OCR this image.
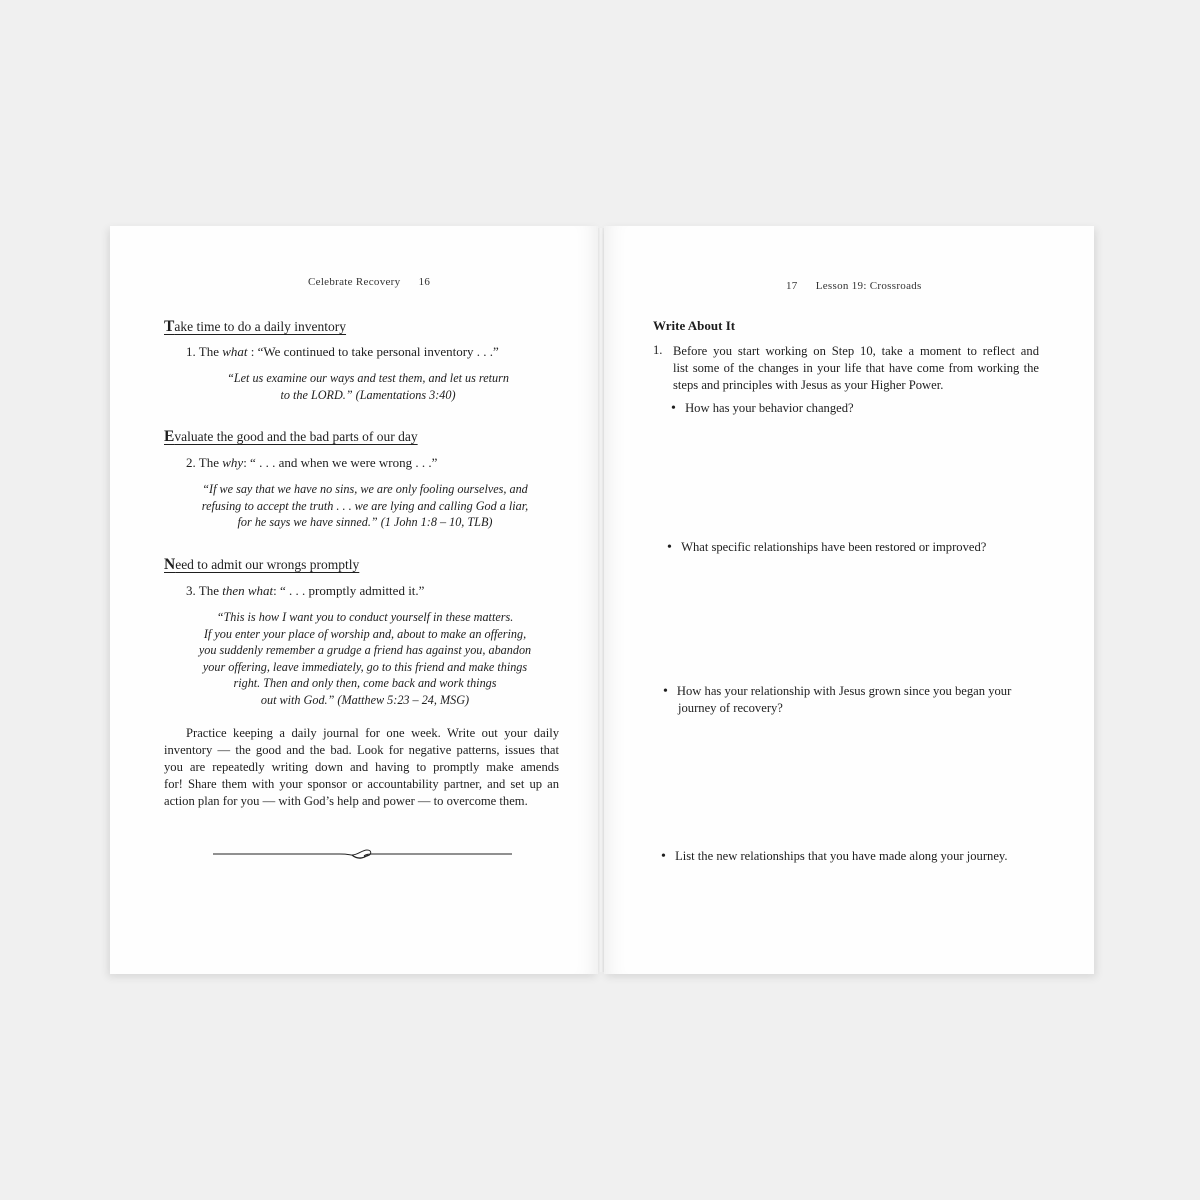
Celebrate Recovery 16
Take time to do a daily inventory
1. The what : “We continued to take personal inventory . . .”
“Let us examine our ways and test them, and let us return
to the LORD.” (Lamentations 3:40)
Evaluate the good and the bad parts of our day
2. The why: “ . . . and when we were wrong . . .”
“If we say that we have no sins, we are only fooling ourselves, and
refusing to accept the truth . . . we are lying and calling God a liar,
for he says we have sinned.” (1 John 1:8 – 10, TLB)
Need to admit our wrongs promptly
3. The then what: “ . . . promptly admitted it.”
“This is how I want you to conduct yourself in these matters.
If you enter your place of worship and, about to make an offering,
you suddenly remember a grudge a friend has against you, abandon
your offering, leave immediately, go to this friend and make things
right. Then and only then, come back and work things
out with God.” (Matthew 5:23 – 24, MSG)
Practice keeping a daily journal for one week. Write out your daily
inventory — the good and the bad. Look for negative patterns, issues that
you are repeatedly writing down and having to promptly make amends
for! Share them with your sponsor or accountability partner, and set up an
action plan for you — with God’s help and power — to overcome them.
17 Lesson 19: Crossroads
Write About It
1. Before you start working on Step 10, take a moment to reflect and
list some of the changes in your life that have come from working the
steps and principles with Jesus as your Higher Power.
• How has your behavior changed?
• What specific relationships have been restored or improved?
• How has your relationship with Jesus grown since you began your
journey of recovery?
• List the new relationships that you have made along your journey.
